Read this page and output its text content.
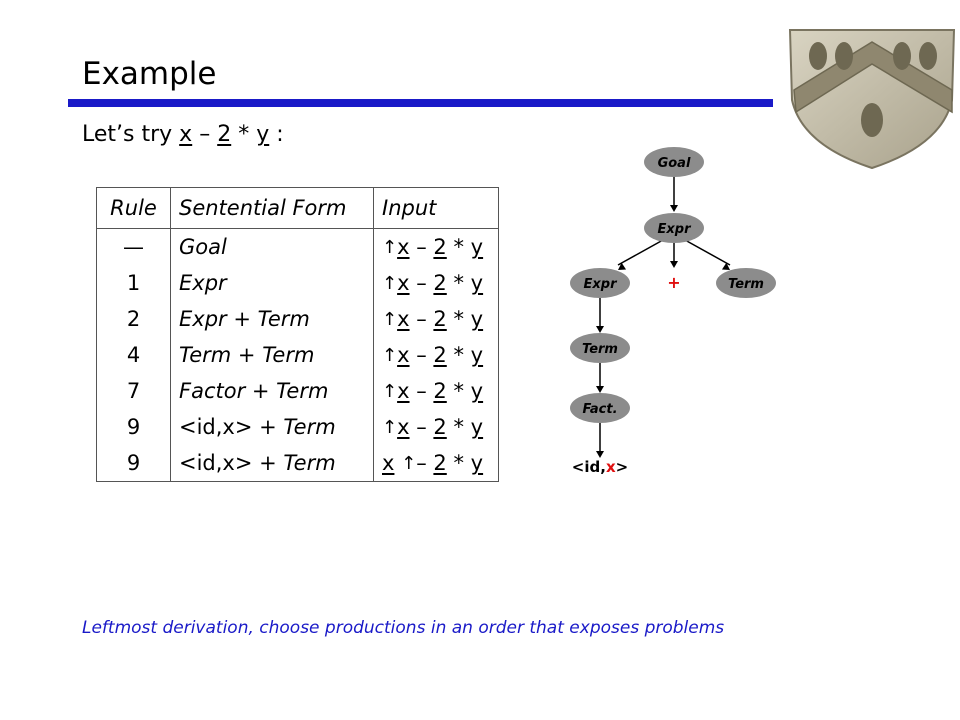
Example
Let’s try x – 2 * y :
Rule	Sentential Form	Input
—	Goal	↑x – 2 * y
1	Expr	↑x – 2 * y
2	Expr + Term	↑x – 2 * y
4	Term + Term	↑x – 2 * y
7	Factor + Term	↑x – 2 * y
9	<id,x> + Term	↑x – 2 * y
9	<id,x> + Term	x ↑– 2 * y
Goal
Expr
Expr	+	Term
Term
Fact.
<id,x>
Leftmost derivation, choose productions in an order that exposes problems
